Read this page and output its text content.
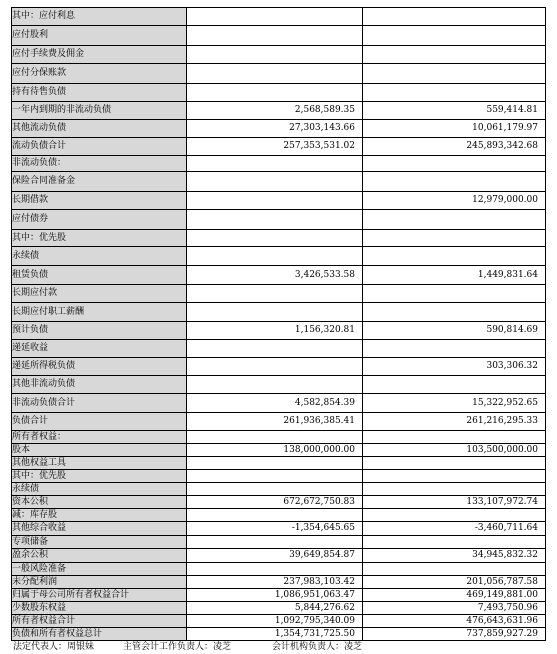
其中：应付利息		
应付股利		
应付手续费及佣金		
应付分保账款		
持有待售负债		
一年内到期的非流动负债	2,568,589.35	559,414.81
其他流动负债	27,303,143.66	10,061,179.97
流动负债合计	257,353,531.02	245,893,342.68
非流动负债：		
保险合同准备金		
长期借款		12,979,000.00
应付债券		
其中：优先股		
永续债		
租赁负债	3,426,533.58	1,449,831.64
长期应付款		
长期应付职工薪酬		
预计负债	1,156,320.81	590,814.69
递延收益		
递延所得税负债		303,306.32
其他非流动负债		
非流动负债合计	4,582,854.39	15,322,952.65
负债合计	261,936,385.41	261,216,295.33
所有者权益：		
股本	138,000,000.00	103,500,000.00
其他权益工具		
其中：优先股		
永续债		
资本公积	672,672,750.83	133,107,972.74
减：库存股		
其他综合收益	-1,354,645.65	-3,460,711.64
专项储备		
盈余公积	39,649,854.87	34,945,832.32
一般风险准备		
未分配利润	237,983,103.42	201,056,787.58
归属于母公司所有者权益合计	1,086,951,063.47	469,149,881.00
少数股东权益	5,844,276.62	7,493,750.96
所有者权益合计	1,092,795,340.09	476,643,631.96
负债和所有者权益总计	1,354,731,725.50	737,859,927.29
法定代表人：周银妹	主管会计工作负责人：凌芝	会计机构负责人：凌芝
